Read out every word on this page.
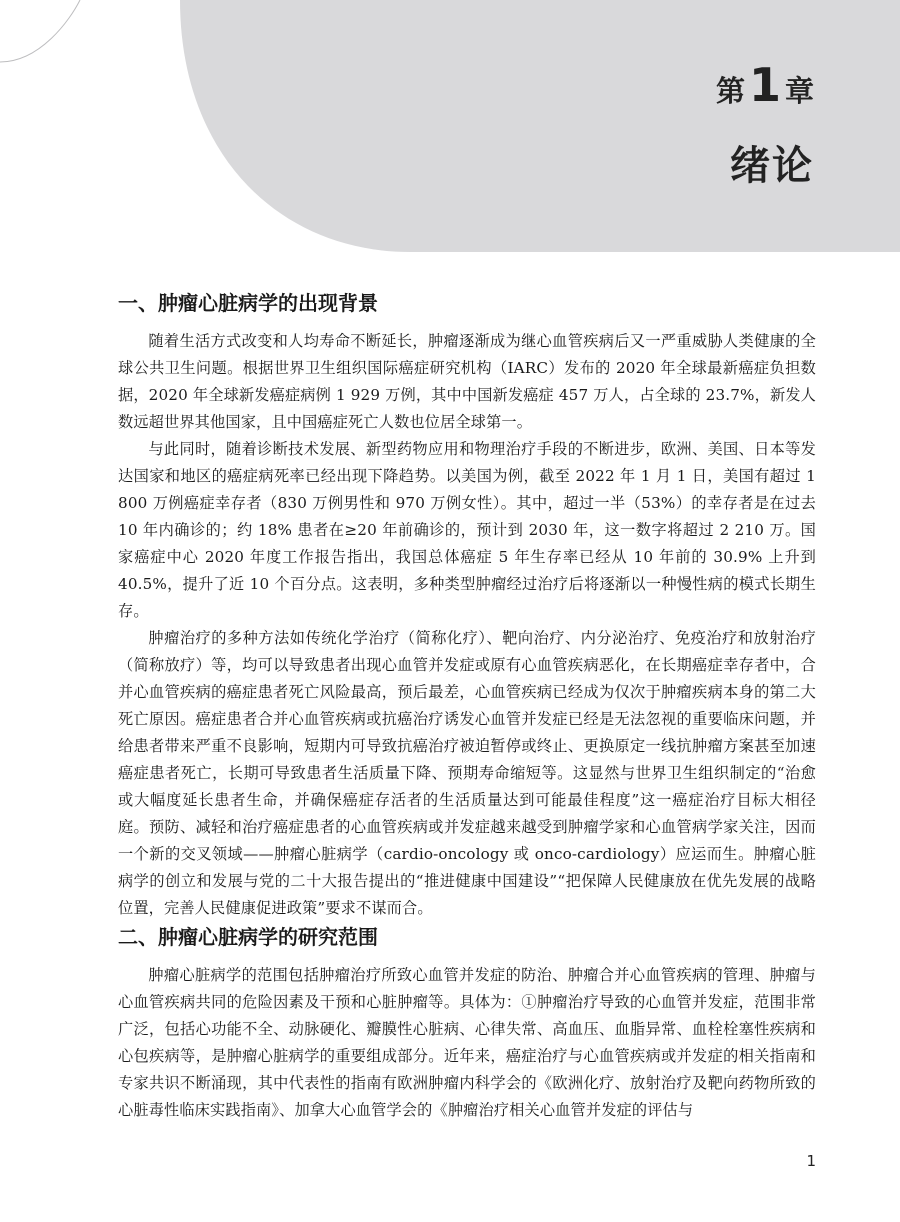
第 1 章
绪论
一、肿瘤心脏病学的出现背景

随着生活方式改变和人均寿命不断延长，肿瘤逐渐成为继心血管疾病后又一严重威胁人类健康的全球公共卫生问题。根据世界卫生组织国际癌症研究机构（IARC）发布的 2020 年全球最新癌症负担数据，2020 年全球新发癌症病例 1 929 万例，其中中国新发癌症 457 万人，占全球的 23.7%，新发人数远超世界其他国家，且中国癌症死亡人数也位居全球第一。

与此同时，随着诊断技术发展、新型药物应用和物理治疗手段的不断进步，欧洲、美国、日本等发达国家和地区的癌症病死率已经出现下降趋势。以美国为例，截至 2022 年 1 月 1 日，美国有超过 1 800 万例癌症幸存者（830 万例男性和 970 万例女性）。其中，超过一半（53%）的幸存者是在过去 10 年内确诊的；约 18% 患者在≥20 年前确诊的，预计到 2030 年，这一数字将超过 2 210 万。国家癌症中心 2020 年度工作报告指出，我国总体癌症 5 年生存率已经从 10 年前的 30.9% 上升到 40.5%，提升了近 10 个百分点。这表明，多种类型肿瘤经过治疗后将逐渐以一种慢性病的模式长期生存。

肿瘤治疗的多种方法如传统化学治疗（简称化疗）、靶向治疗、内分泌治疗、免疫治疗和放射治疗（简称放疗）等，均可以导致患者出现心血管并发症或原有心血管疾病恶化，在长期癌症幸存者中，合并心血管疾病的癌症患者死亡风险最高，预后最差，心血管疾病已经成为仅次于肿瘤疾病本身的第二大死亡原因。癌症患者合并心血管疾病或抗癌治疗诱发心血管并发症已经是无法忽视的重要临床问题，并给患者带来严重不良影响，短期内可导致抗癌治疗被迫暂停或终止、更换原定一线抗肿瘤方案甚至加速癌症患者死亡，长期可导致患者生活质量下降、预期寿命缩短等。这显然与世界卫生组织制定的“治愈或大幅度延长患者生命，并确保癌症存活者的生活质量达到可能最佳程度”这一癌症治疗目标大相径庭。预防、减轻和治疗癌症患者的心血管疾病或并发症越来越受到肿瘤学家和心血管病学家关注，因而一个新的交叉领域——肿瘤心脏病学（cardio-oncology 或 onco-cardiology）应运而生。肿瘤心脏病学的创立和发展与党的二十大报告提出的“推进健康中国建设”“把保障人民健康放在优先发展的战略位置，完善人民健康促进政策”要求不谋而合。

二、肿瘤心脏病学的研究范围

肿瘤心脏病学的范围包括肿瘤治疗所致心血管并发症的防治、肿瘤合并心血管疾病的管理、肿瘤与心血管疾病共同的危险因素及干预和心脏肿瘤等。具体为：①肿瘤治疗导致的心血管并发症，范围非常广泛，包括心功能不全、动脉硬化、瓣膜性心脏病、心律失常、高血压、血脂异常、血栓栓塞性疾病和心包疾病等，是肿瘤心脏病学的重要组成部分。近年来，癌症治疗与心血管疾病或并发症的相关指南和专家共识不断涌现，其中代表性的指南有欧洲肿瘤内科学会的《欧洲化疗、放射治疗及靶向药物所致的心脏毒性临床实践指南》、加拿大心血管学会的《肿瘤治疗相关心血管并发症的评估与

1
